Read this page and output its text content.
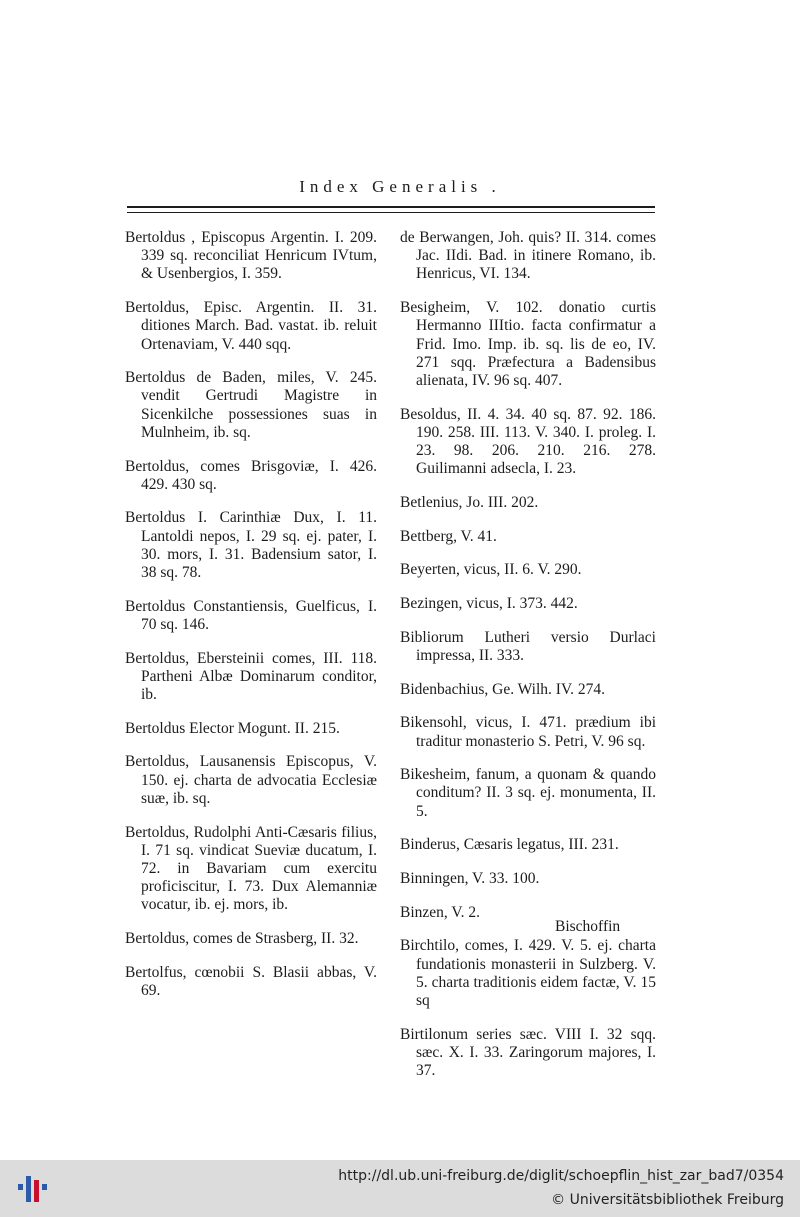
Index Generalis .

Bertoldus , Episcopus Argentin. I. 209. 339 sq. reconciliat Henricum IVtum, & Usenbergios, I. 359.

Bertoldus, Episc. Argentin. II. 31. ditiones March. Bad. vastat. ib. reluit Ortenaviam, V. 440 sqq.

Bertoldus de Baden, miles, V. 245. vendit Gertrudi Magistre in Sicenkilche possessiones suas in Mulnheim, ib. sq.

Bertoldus, comes Brisgoviæ, I. 426. 429. 430 sq.

Bertoldus I. Carinthiæ Dux, I. 11. Lantoldi nepos, I. 29 sq. ej. pater, I. 30. mors, I. 31. Badensium sator, I. 38 sq. 78.

Bertoldus Constantiensis, Guelficus, I. 70 sq. 146.

Bertoldus, Ebersteinii comes, III. 118. Partheni Albæ Dominarum conditor, ib.

Bertoldus Elector Mogunt. II. 215.

Bertoldus, Lausanensis Episcopus, V. 150. ej. charta de advocatia Ecclesiæ suæ, ib. sq.

Bertoldus, Rudolphi Anti-Cæsaris filius, I. 71 sq. vindicat Sueviæ ducatum, I. 72. in Bavariam cum exercitu proficiscitur, I. 73. Dux Alemanniæ vocatur, ib. ej. mors, ib.

Bertoldus, comes de Strasberg, II. 32.

Bertolfus, cœnobii S. Blasii abbas, V. 69.

de Berwangen, Joh. quis? II. 314. comes Jac. IIdi. Bad. in itinere Romano, ib. Henricus, VI. 134.

Besigheim, V. 102. donatio curtis Hermanno IIItio. facta confirmatur a Frid. Imo. Imp. ib. sq. lis de eo, IV. 271 sqq. Præfectura a Badensibus alienata, IV. 96 sq. 407.

Besoldus, II. 4. 34. 40 sq. 87. 92. 186. 190. 258. III. 113. V. 340. I. proleg. I. 23. 98. 206. 210. 216. 278. Guilimanni adsecla, I. 23.

Betlenius, Jo. III. 202.

Bettberg, V. 41.

Beyerten, vicus, II. 6. V. 290.

Bezingen, vicus, I. 373. 442.

Bibliorum Lutheri versio Durlaci impressa, II. 333.

Bidenbachius, Ge. Wilh. IV. 274.

Bikensohl, vicus, I. 471. prædium ibi traditur monasterio S. Petri, V. 96 sq.

Bikesheim, fanum, a quonam & quando conditum? II. 3 sq. ej. monumenta, II. 5.

Binderus, Cæsaris legatus, III. 231.

Binningen, V. 33. 100.

Binzen, V. 2.

Birchtilo, comes, I. 429. V. 5. ej. charta fundationis monasterii in Sulzberg. V. 5. charta traditionis eidem factæ, V. 15 sq

Birtilonum series sæc. VIII I. 32 sqq. sæc. X. I. 33. Zaringorum majores, I. 37.

Bischoffin
http://dl.ub.uni-freiburg.de/diglit/schoepflin_hist_zar_bad7/0354
© Universitätsbibliothek Freiburg
